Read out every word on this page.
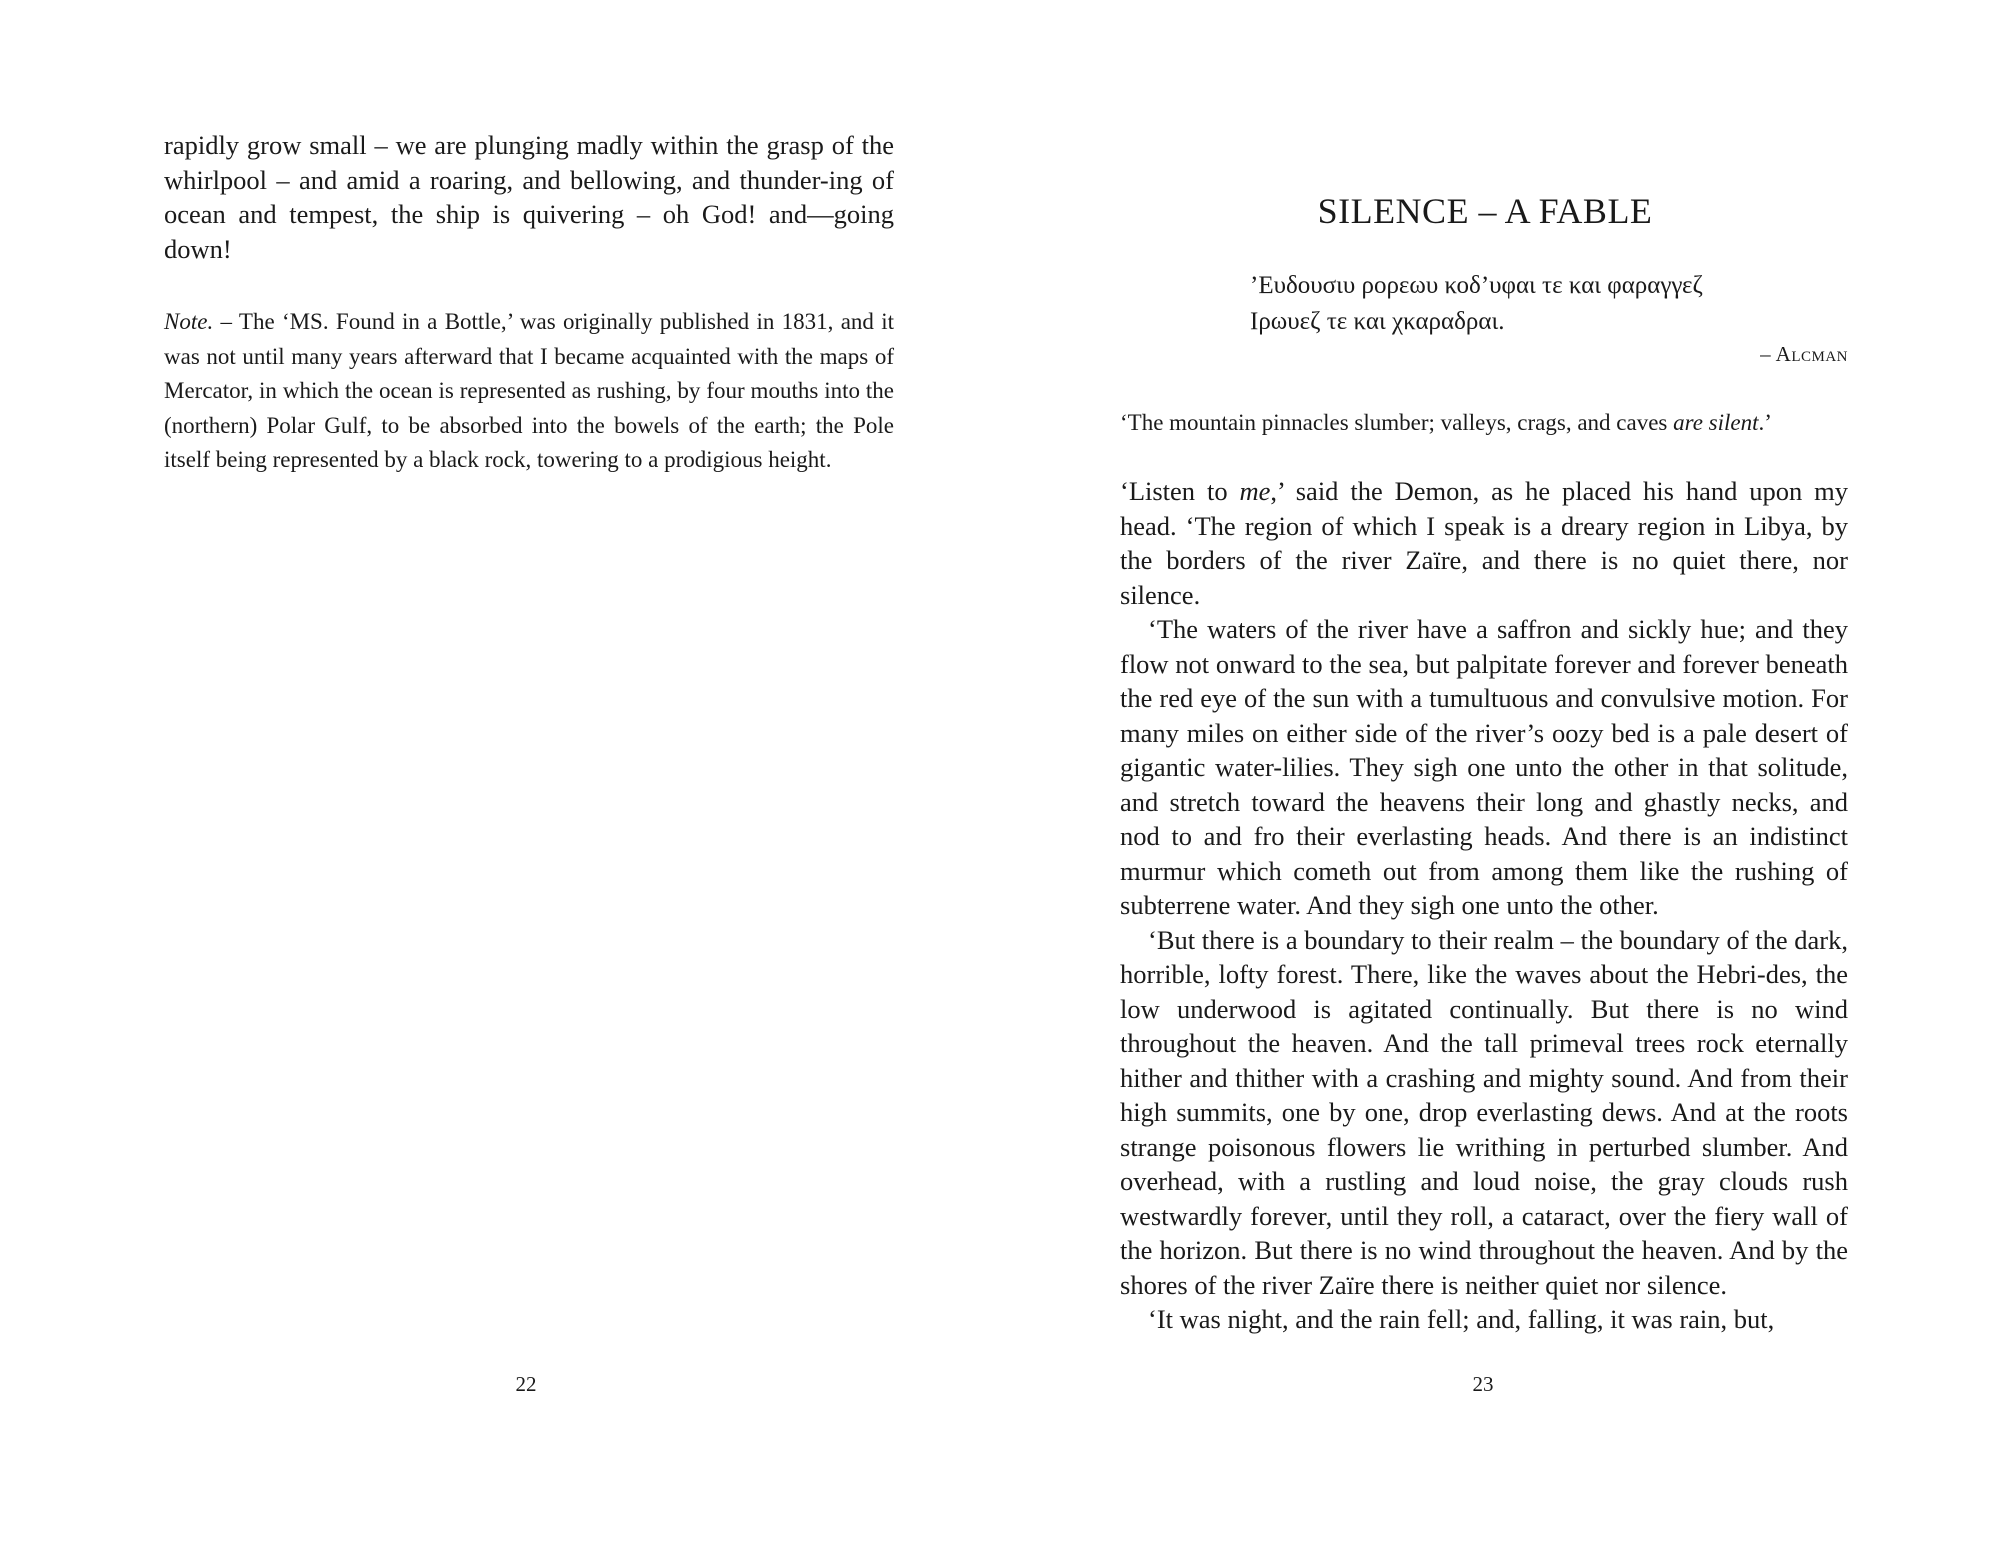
rapidly grow small – we are plunging madly within the grasp of the whirlpool – and amid a roaring, and bellowing, and thunder-ing of ocean and tempest, the ship is quivering – oh God! and—going down!

Note. – The ‘MS. Found in a Bottle,’ was originally published in 1831, and it was not until many years afterward that I became acquainted with the maps of Mercator, in which the ocean is represented as rushing, by four mouths into the (northern) Polar Gulf, to be absorbed into the bowels of the earth; the Pole itself being represented by a black rock, towering to a prodigious height.

22

SILENCE – A FABLE
’Ευδουσιυ ρορεωυ κοδ’υφαι τε και φαραγγεζ
Ιρωυεζ τε και χκαραδραι.

– Alcman

‘The mountain pinnacles slumber; valleys, crags, and caves are silent.’

‘Listen to me,’ said the Demon, as he placed his hand upon my head. ‘The region of which I speak is a dreary region in Libya, by the borders of the river Zaïre, and there is no quiet there, nor silence.

‘The waters of the river have a saffron and sickly hue; and they flow not onward to the sea, but palpitate forever and forever beneath the red eye of the sun with a tumultuous and convulsive motion. For many miles on either side of the river’s oozy bed is a pale desert of gigantic water-lilies. They sigh one unto the other in that solitude, and stretch toward the heavens their long and ghastly necks, and nod to and fro their everlasting heads. And there is an indistinct murmur which cometh out from among them like the rushing of subterrene water. And they sigh one unto the other.

‘But there is a boundary to their realm – the boundary of the dark, horrible, lofty forest. There, like the waves about the Hebri-des, the low underwood is agitated continually. But there is no wind throughout the heaven. And the tall primeval trees rock eternally hither and thither with a crashing and mighty sound. And from their high summits, one by one, drop everlasting dews. And at the roots strange poisonous flowers lie writhing in perturbed slumber. And overhead, with a rustling and loud noise, the gray clouds rush westwardly forever, until they roll, a cataract, over the fiery wall of the horizon. But there is no wind throughout the heaven. And by the shores of the river Zaïre there is neither quiet nor silence.

‘It was night, and the rain fell; and, falling, it was rain, but,

23
